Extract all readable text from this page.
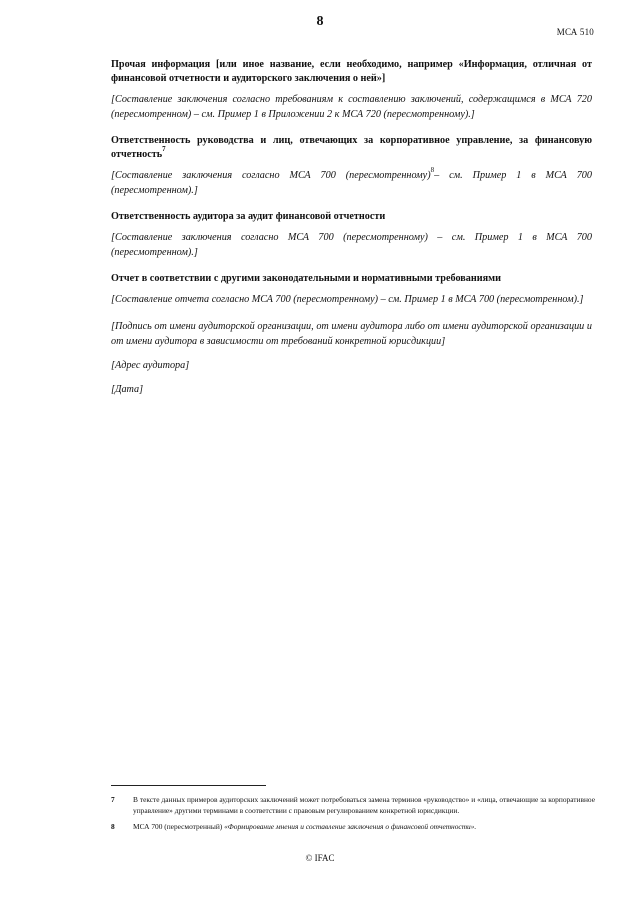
8
МСА 510

Прочая информация [или иное название, если необходимо, например «Информация, отличная от финансовой отчетности и аудиторского заключения о ней»]

[Составление заключения согласно требованиям к составлению заключений, содержащимся в МСА 720 (пересмотренном) – см. Пример 1 в Приложении 2 к МСА 720 (пересмотренному).]

Ответственность руководства и лиц, отвечающих за корпоративное управление, за финансовую отчетность$^7$

[Составление заключения согласно МСА 700 (пересмотренному)$^8$– см. Пример 1 в МСА 700 (пересмотренном).]

Ответственность аудитора за аудит финансовой отчетности

[Составление заключения согласно МСА 700 (пересмотренному) – см. Пример 1 в МСА 700 (пересмотренном).]

Отчет в соответствии с другими законодательными и нормативными требованиями

[Составление отчета согласно МСА 700 (пересмотренному) – см. Пример 1 в МСА 700 (пересмотренном).]

[Подпись от имени аудиторской организации, от имени аудитора либо от имени аудиторской организации и от имени аудитора в зависимости от требований конкретной юрисдикции]

[Адрес аудитора]

[Дата]

7	В тексте данных примеров аудиторских заключений может потребоваться замена терминов «руководство» и «лица, отвечающие за корпоративное управление» другими терминами в соответствии с правовым регулированием конкретной юрисдикции.
8	МСА 700 (пересмотренный) «Формирование мнения и составление заключения о финансовой отчетности».
© IFAC
